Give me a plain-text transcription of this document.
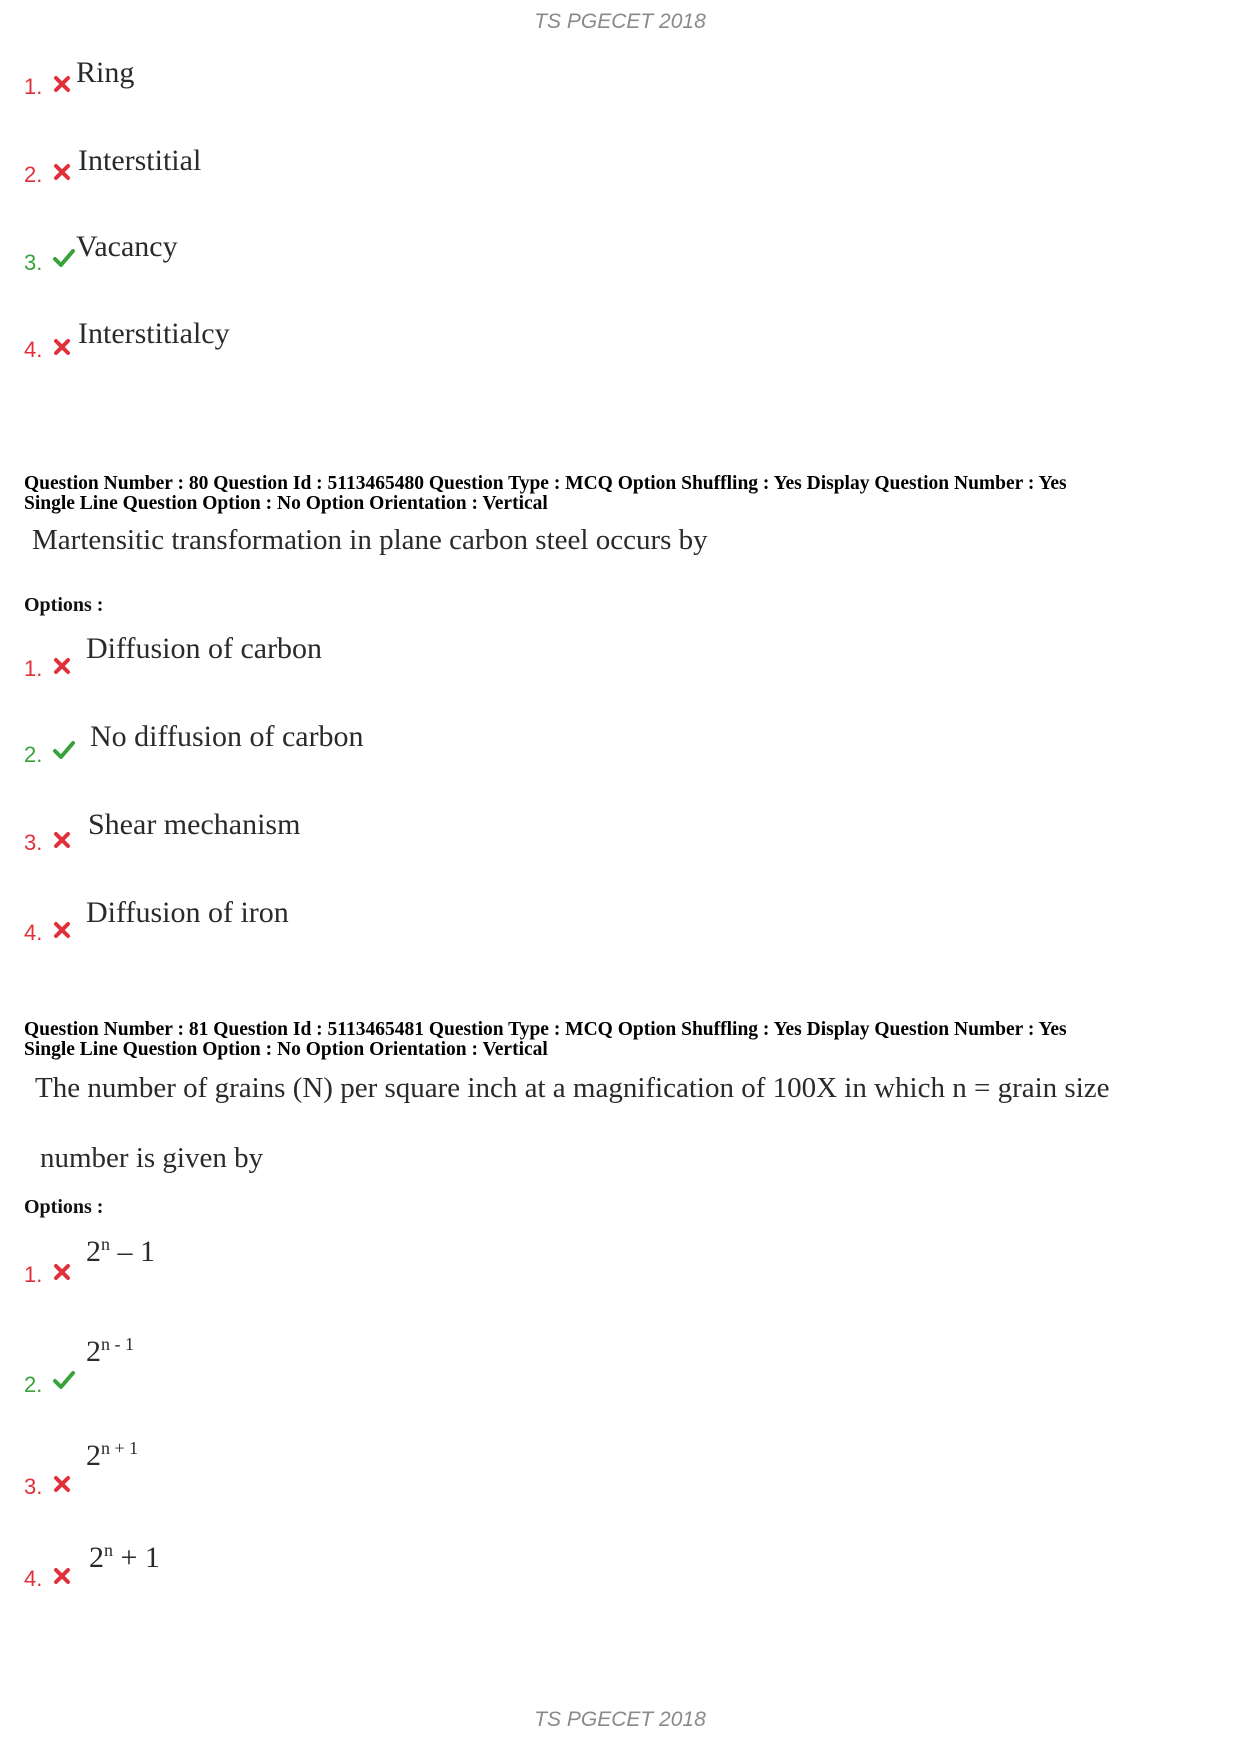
TS PGECET 2018
1. Ring
2. Interstitial
3. Vacancy
4. Interstitialcy
Question Number : 80 Question Id : 5113465480 Question Type : MCQ Option Shuffling : Yes Display Question Number : Yes
Single Line Question Option : No Option Orientation : Vertical
Martensitic transformation in plane carbon steel occurs by
Options :
1.
Diffusion of carbon
2.
No diffusion of carbon
3.
Shear mechanism
4.
Diffusion of iron
Question Number : 81 Question Id : 5113465481 Question Type : MCQ Option Shuffling : Yes Display Question Number : Yes
Single Line Question Option : No Option Orientation : Vertical
The number of grains (N) per square inch at a magnification of 100X in which n = grain size
number is given by
Options :
1.
2$^n$ – 1
2.
2$^{n - 1}$
3.
$2^{n + 1}$
4.
$2^n + 1$
TS PGECET 2018
